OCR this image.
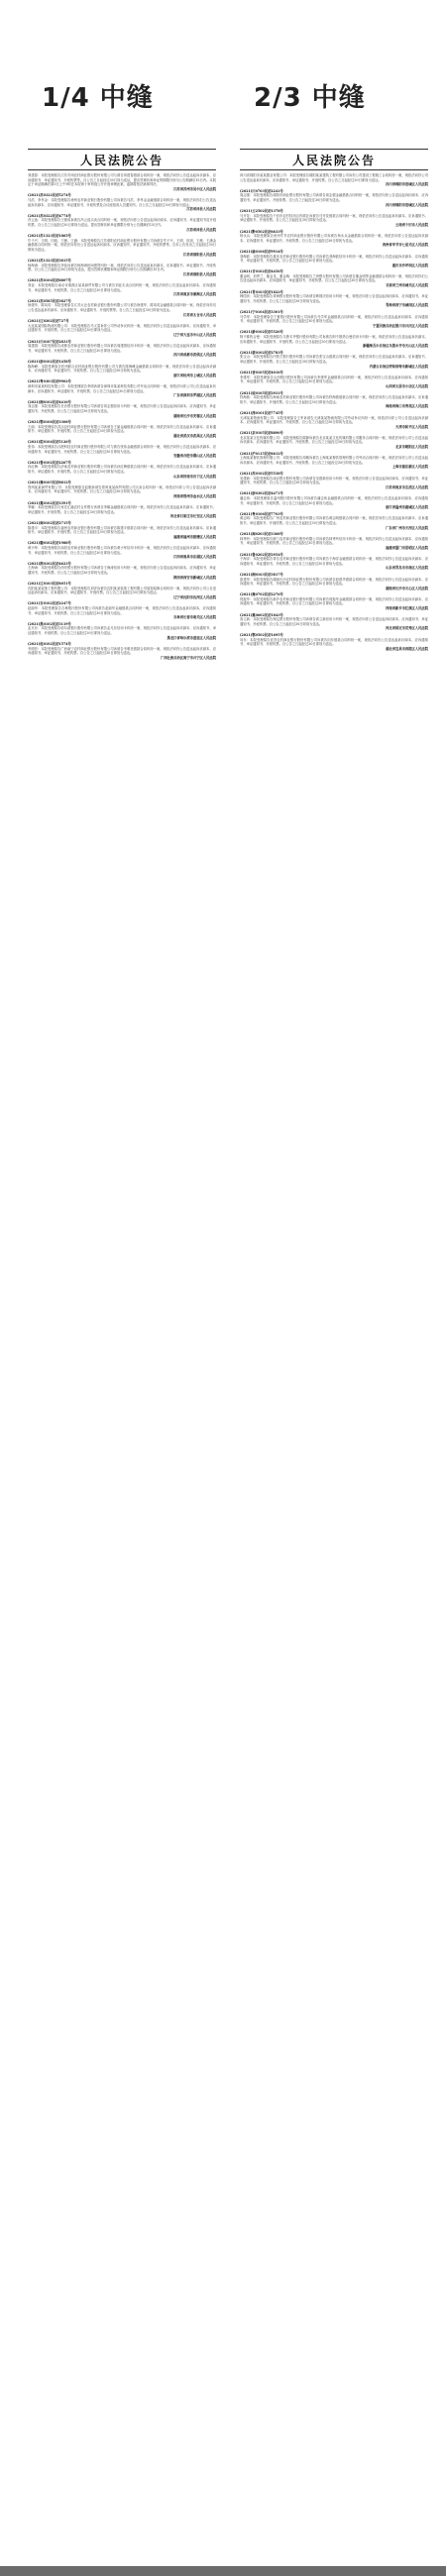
1/4 中缝	2/3 中缝
人民法院公告

刘建春：本院受理原告江苏苏州农村商业银行股份有限公司与被告刘建春借款合同纠纷一案，现依法向你公告送达起诉状副本、应诉通知书、举证通知书、开庭传票等。自公告之日起经过30日视为送达，提出答辩状和举证的期限分别为公告期满后15日内。本院定于举证期满后第3日上午9时在本院第十审判庭公开开庭审理此案，逾期将依法缺席判决。
江苏省苏州市吴中区人民法院

(2021)苏0322民初5274号
马洪、李孝金：本院受理原告徐州农村商业银行股份有限公司诉被告马洪、李孝金金融借款合同纠纷一案，现依法向你们公告送达起诉状副本、应诉通知书、举证通知书、开庭传票及合议庭组成人员通知书。自公告之日起经过30日即视为送达。
江苏省沛县人民法院

(2021)苏0322民初4774号
冯云选：本院受理原告王德成诉被告冯云选买卖合同纠纷一案，现依法向你公告送达起诉状副本、应诉通知书、举证通知书及开庭传票。自公告之日起经过30日即视为送达。提出答辩状和举证期限分别为公告期满后15日内。
江苏省沛县人民法院

(2021)苏1323民初1865号
毕子兴、王明、田旭、王薇、王涵：本院受理原告江苏泗阳农村商业银行股份有限公司诉被告毕子兴、王明、田旭、王薇、王涵金融借款合同纠纷一案，现依法向你们公告送达起诉状副本、应诉通知书、举证通知书、开庭传票等。自本公告发出之日起经过30日即视为送达。
江苏省泗阳县人民法院

(2021)苏1323民初3815号
杨海涛：本院受理原告李蕊诉被告杨海涛民间借贷纠纷一案，现依法向你公告送达起诉状副本、应诉通知书、举证通知书、开庭传票。自公告之日起经过30日即视为送达，提出答辩状期限和举证期限分别为公告期满后15日内。
江苏省泗阳县人民法院

(2021)苏0104民初6807号
刘亚：本院受理原告南京市秦淮区某某商贸有限公司与被告刘亚买卖合同纠纷一案，现依法向你公告送达起诉状副本、应诉通知书、举证通知书、开庭传票。自公告之日起经过30日即视为送达。
江苏省南京市秦淮区人民法院

(2021)苏0585民初3827号
徐建华、陈凤英：本院受理原告江苏太仓农村商业银行股份有限公司与被告徐建华、陈凤英金融借款合同纠纷一案，现依法向你们公告送达起诉状副本、应诉通知书、举证通知书、开庭传票等。自公告之日起经过30日即视为送达。
江苏省太仓市人民法院

(2021)辽0202民初727号
大连某某国际物流有限公司：本院受理原告马义雷诉你公司劳动争议纠纷一案，现依法向你公告送达起诉状副本、应诉通知书、举证通知书、开庭传票。自公告之日起经过30日即视为送达。
辽宁省大连市中山区人民法院

(2021)川0107民初2831号
周建国：本院受理原告成都农村商业银行股份有限公司诉被告周建国信用卡纠纷一案，现依法向你公告送达起诉状副本、应诉通知书、举证通知书、开庭传票。自公告之日起经过30日即视为送达。
四川省成都市武侯区人民法院

(2021)浙0102民初1458号
陈海峰：本院受理原告杭州联合农村商业银行股份有限公司与被告陈海峰金融借款合同纠纷一案，现依法向你公告送达起诉状副本、应诉通知书、举证通知书、开庭传票。自公告之日起经过30日即视为送达。
浙江省杭州市上城区人民法院

(2021)粤0303民初9902号
深圳市某某科技有限公司：本院受理原告李明诉被告深圳市某某科技有限公司劳动合同纠纷一案，现依法向你公司公告送达起诉状副本、应诉通知书、举证通知书、开庭传票。自公告之日起经过30日即视为送达。
广东省深圳市罗湖区人民法院

(2021)湘0102民初4416号
刘志强：本院受理原告长沙银行股份有限公司诉被告刘志强信用卡纠纷一案，现依法向你公告送达起诉状副本、应诉通知书、举证通知书、开庭传票。自公告之日起经过30日即视为送达。
湖南省长沙市芙蓉区人民法院

(2021)鄂0106民初3308号
王丽：本院受理原告武汉农村商业银行股份有限公司诉被告王丽金融借款合同纠纷一案，现依法向你公告送达起诉状副本、应诉通知书、举证通知书、开庭传票。自公告之日起经过30日即视为送达。
湖北省武汉市武昌区人民法院

(2021)皖0104民初5126号
张伟：本院受理原告合肥科技农村商业银行股份有限公司与被告张伟金融借款合同纠纷一案，现依法向你公告送达起诉状副本、应诉通知书、举证通知书、开庭传票。自公告之日起经过30日即视为送达。
安徽省合肥市蜀山区人民法院

(2021)鲁0102民初2267号
孙红梅：本院受理原告济南农村商业银行股份有限公司诉被告孙红梅借款合同纠纷一案，现依法向你公告送达起诉状副本、应诉通知书、举证通知书、开庭传票。自公告之日起经过30日即视为送达。
山东省济南市历下区人民法院

(2021)豫0105民初8812号
郑州某某商贸有限公司：本院受理原告赵刚诉被告郑州某某商贸有限公司买卖合同纠纷一案，现依法向你公司公告送达起诉状副本、应诉通知书、举证通知书、开庭传票。自公告之日起经过30日即视为送达。
河南省郑州市金水区人民法院

(2021)冀0102民初3391号
李娜：本院受理原告石家庄汇融农村合作银行诉被告李娜金融借款合同纠纷一案，现依法向你公告送达起诉状副本、应诉通知书、举证通知书、开庭传票。自公告之日起经过30日即视为送达。
河北省石家庄市长安区人民法院

(2021)闽0102民初2715号
陈建平：本院受理原告福州农村商业银行股份有限公司诉被告陈建平借款合同纠纷一案，现依法向你公告送达起诉状副本、应诉通知书、举证通知书、开庭传票。自公告之日起经过30日即视为送达。
福建省福州市鼓楼区人民法院

(2021)赣0102民初1988号
黄小军：本院受理原告南昌农村商业银行股份有限公司诉被告黄小军信用卡纠纷一案，现依法向你公告送达起诉状副本、应诉通知书、举证通知书、开庭传票。自公告之日起经过30日即视为送达。
江西省南昌市东湖区人民法院

(2021)陕0102民初4623号
王海涛：本院受理原告西安银行股份有限公司诉被告王海涛信用卡纠纷一案，现依法向你公告送达起诉状副本、应诉通知书、举证通知书、开庭传票。自公告之日起经过30日即视为送达。
陕西省西安市新城区人民法院

(2021)辽0103民初6051号
沈阳某某装饰工程有限公司：本院受理原告刘洋诉被告沈阳某某装饰工程有限公司装饰装修合同纠纷一案，现依法向你公司公告送达起诉状副本、应诉通知书、举证通知书、开庭传票。自公告之日起经过30日即视为送达。
辽宁省沈阳市沈河区人民法院

(2021)吉0102民初2247号
赵丽华：本院受理原告吉林银行股份有限公司诉被告赵丽华金融借款合同纠纷一案，现依法向你公告送达起诉状副本、应诉通知书、举证通知书、开庭传票。自公告之日起经过30日即视为送达。
吉林省长春市南关区人民法院

(2021)黑0102民初3119号
孟凡东：本院受理原告哈尔滨银行股份有限公司诉被告孟凡东信用卡纠纷一案，现依法向你公告送达起诉状副本、应诉通知书、举证通知书、开庭传票。自公告之日起经过30日即视为送达。
黑龙江省哈尔滨市道里区人民法院

(2021)桂0102民初1574号
韦明亮：本院受理原告广西南宁农村商业银行股份有限公司诉被告韦明亮借款合同纠纷一案，现依法向你公告送达起诉状副本、应诉通知书、举证通知书、开庭传票。自公告之日起经过30日即视为送达。
广西壮族自治区南宁市兴宁区人民法院

人民法院公告

四川省绵阳市某某置业有限公司：本院受理原告绵阳某某建筑工程有限公司诉你公司建设工程施工合同纠纷一案，现依法向你公司公告送达起诉状副本、应诉通知书、举证通知书、开庭传票。自公告之日起经过30日即视为送达。
四川省绵阳市涪城区人民法院

(2021)川0703民初2241号
周志强：本院受理原告绵阳市商业银行股份有限公司诉被告周志强金融借款合同纠纷一案，现依法向你公告送达起诉状副本、应诉通知书、举证通知书、开庭传票。自公告之日起经过30日即视为送达。
四川省绵阳市涪城区人民法院

(2021)云2502民初1378号
马开花：本院受理原告个旧市农村信用合作联社诉被告马开花借款合同纠纷一案，现依法向你公告送达起诉状副本、应诉通知书、举证通知书、开庭传票。自公告之日起经过30日即视为送达。
云南省个旧市人民法院

(2021)黔0502民初6633号
杨永兵：本院受理原告贵州毕节农村商业银行股份有限公司诉被告杨永兵金融借款合同纠纷一案，现依法向你公告送达起诉状副本、应诉通知书、举证通知书、开庭传票。自公告之日起经过30日即视为送达。
贵州省毕节市七星关区人民法院

(2021)渝0106民初9914号
刘海波：本院受理原告重庆农村商业银行股份有限公司诉被告刘海波信用卡纠纷一案，现依法向你公告送达起诉状副本、应诉通知书、举证通知书、开庭传票。自公告之日起经过30日即视为送达。
重庆市沙坪坝区人民法院

(2021)甘0102民初4456号
董金明、刘秀兰、董金龙、董金娥：本院受理原告兰州银行股份有限公司诉被告董金明等金融借款合同纠纷一案，现依法向你们公告送达起诉状副本、应诉通知书、举证通知书、开庭传票。自公告之日起经过30日即视为送达。
甘肃省兰州市城关区人民法院

(2021)青0103民初1822号
韩国庆：本院受理原告青海银行股份有限公司诉被告韩国庆信用卡纠纷一案，现依法向你公告送达起诉状副本、应诉通知书、举证通知书、开庭传票。自公告之日起经过30日即视为送达。
青海省西宁市城西区人民法院

(2021)宁0104民初3301号
马学军：本院受理原告宁夏银行股份有限公司诉被告马学军金融借款合同纠纷一案，现依法向你公告送达起诉状副本、应诉通知书、举证通知书、开庭传票。自公告之日起经过30日即视为送达。
宁夏回族自治区银川市兴庆区人民法院

(2021)新0102民初5520号
阿不都热合曼：本院受理原告乌鲁木齐银行股份有限公司诉被告阿不都热合曼信用卡纠纷一案，现依法向你公告送达起诉状副本、应诉通知书、举证通知书、开庭传票。自公告之日起经过30日即视为送达。
新疆维吾尔自治区乌鲁木齐市天山区人民法院

(2021)蒙0102民初2783号
张宝山：本院受理原告内蒙古银行股份有限公司诉被告张宝山借款合同纠纷一案，现依法向你公告送达起诉状副本、应诉通知书、举证通知书、开庭传票。自公告之日起经过30日即视为送达。
内蒙古自治区呼和浩特市新城区人民法院

(2021)晋0105民初4016号
李建军：本院受理原告山西银行股份有限公司诉被告李建军金融借款合同纠纷一案，现依法向你公告送达起诉状副本、应诉通知书、举证通知书、开庭传票。自公告之日起经过30日即视为送达。
山西省太原市小店区人民法院

(2021)琼0105民初2931号
符海燕：本院受理原告海南农村商业银行股份有限公司诉被告符海燕借款合同纠纷一案，现依法向你公告送达起诉状副本、应诉通知书、举证通知书、开庭传票。自公告之日起经过30日即视为送达。
海南省海口市秀英区人民法院

(2021)津0101民初7745号
天津某某物流有限公司：本院受理原告王军诉被告天津某某物流有限公司劳动争议纠纷一案，现依法向你公司公告送达起诉状副本、应诉通知书、举证通知书、开庭传票。自公告之日起经过30日即视为送达。
天津市和平区人民法院

(2021)京0105民初8890号
北京某某文化传媒有限公司：本院受理原告陈静诉被告北京某某文化传媒有限公司服务合同纠纷一案，现依法向你公司公告送达起诉状副本、应诉通知书、举证通知书、开庭传票。自公告之日起经过30日即视为送达。
北京市朝阳区人民法院

(2021)沪0115民初6612号
上海某某餐饮管理有限公司：本院受理原告周敏诉被告上海某某餐饮管理有限公司劳动合同纠纷一案，现依法向你公司公告送达起诉状副本、应诉通知书、举证通知书、开庭传票。自公告之日起经过30日即视为送达。
上海市浦东新区人民法院

(2021)苏0102民初5538号
吴建新：本院受理原告南京银行股份有限公司诉被告吴建新信用卡纠纷一案，现依法向你公告送达起诉状副本、应诉通知书、举证通知书、开庭传票。自公告之日起经过30日即视为送达。
江苏省南京市玄武区人民法院

(2021)浙0302民初4471号
潘志伟：本院受理原告温州银行股份有限公司诉被告潘志伟金融借款合同纠纷一案，现依法向你公告送达起诉状副本、应诉通知书、举证通知书、开庭传票。自公告之日起经过30日即视为送达。
浙江省温州市鹿城区人民法院

(2021)粤0106民初7703号
黄志明：本院受理原告广州农村商业银行股份有限公司诉被告黄志明借款合同纠纷一案，现依法向你公告送达起诉状副本、应诉通知书、举证通知书、开庭传票。自公告之日起经过30日即视为送达。
广东省广州市天河区人民法院

(2021)闽0203民初3368号
林秀玲：本院受理原告厦门农村商业银行股份有限公司诉被告林秀玲信用卡纠纷一案，现依法向你公告送达起诉状副本、应诉通知书、举证通知书、开庭传票。自公告之日起经过30日即视为送达。
福建省厦门市思明区人民法院

(2021)鲁0202民初2954号
于海洋：本院受理原告青岛农村商业银行股份有限公司诉被告于海洋金融借款合同纠纷一案，现依法向你公告送达起诉状副本、应诉通知书、举证通知书、开庭传票。自公告之日起经过30日即视为送达。
山东省青岛市市南区人民法院

(2021)湘0103民初3817号
彭建华：本院受理原告湖南长沙农村商业银行股份有限公司诉被告彭建华借款合同纠纷一案，现依法向你公告送达起诉状副本、应诉通知书、举证通知书、开庭传票。自公告之日起经过30日即视为送达。
湖南省长沙市天心区人民法院

(2021)豫0702民初2276号
郭振华：本院受理原告新乡农村商业银行股份有限公司诉被告郭振华金融借款合同纠纷一案，现依法向你公告送达起诉状副本、应诉通知书、举证通知书、开庭传票。自公告之日起经过30日即视为送达。
河南省新乡市红旗区人民法院

(2021)冀0602民初1843号
高立新：本院受理原告保定银行股份有限公司诉被告高立新信用卡纠纷一案，现依法向你公告送达起诉状副本、应诉通知书、举证通知书、开庭传票。自公告之日起经过30日即视为送达。
河北省保定市竞秀区人民法院

(2021)鄂0502民初1695号
向东：本院受理原告宜昌农村商业银行股份有限公司诉被告向东借款合同纠纷一案，现依法向你公告送达起诉状副本、应诉通知书、举证通知书、开庭传票。自公告之日起经过30日即视为送达。
湖北省宜昌市西陵区人民法院
